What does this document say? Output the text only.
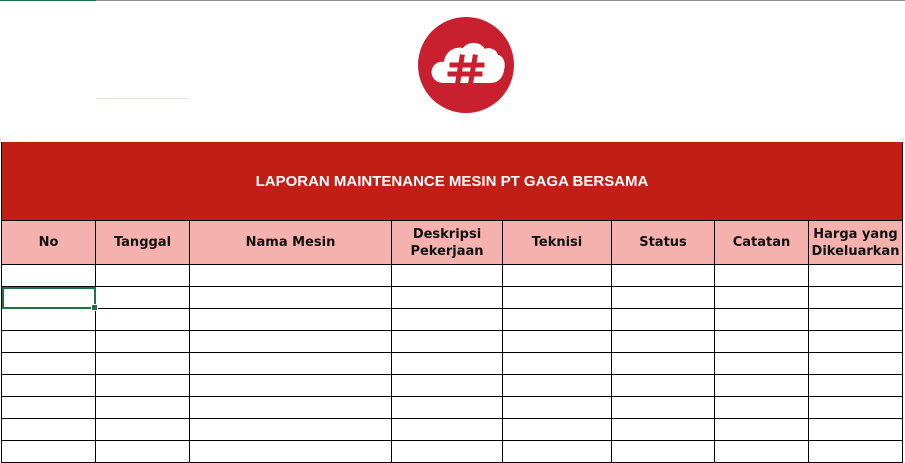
LAPORAN MAINTENANCE MESIN PT GAGA BERSAMA
No	Tanggal	Nama Mesin	Deskripsi Pekerjaan	Teknisi	Status	Catatan	Harga yang Dikeluarkan
